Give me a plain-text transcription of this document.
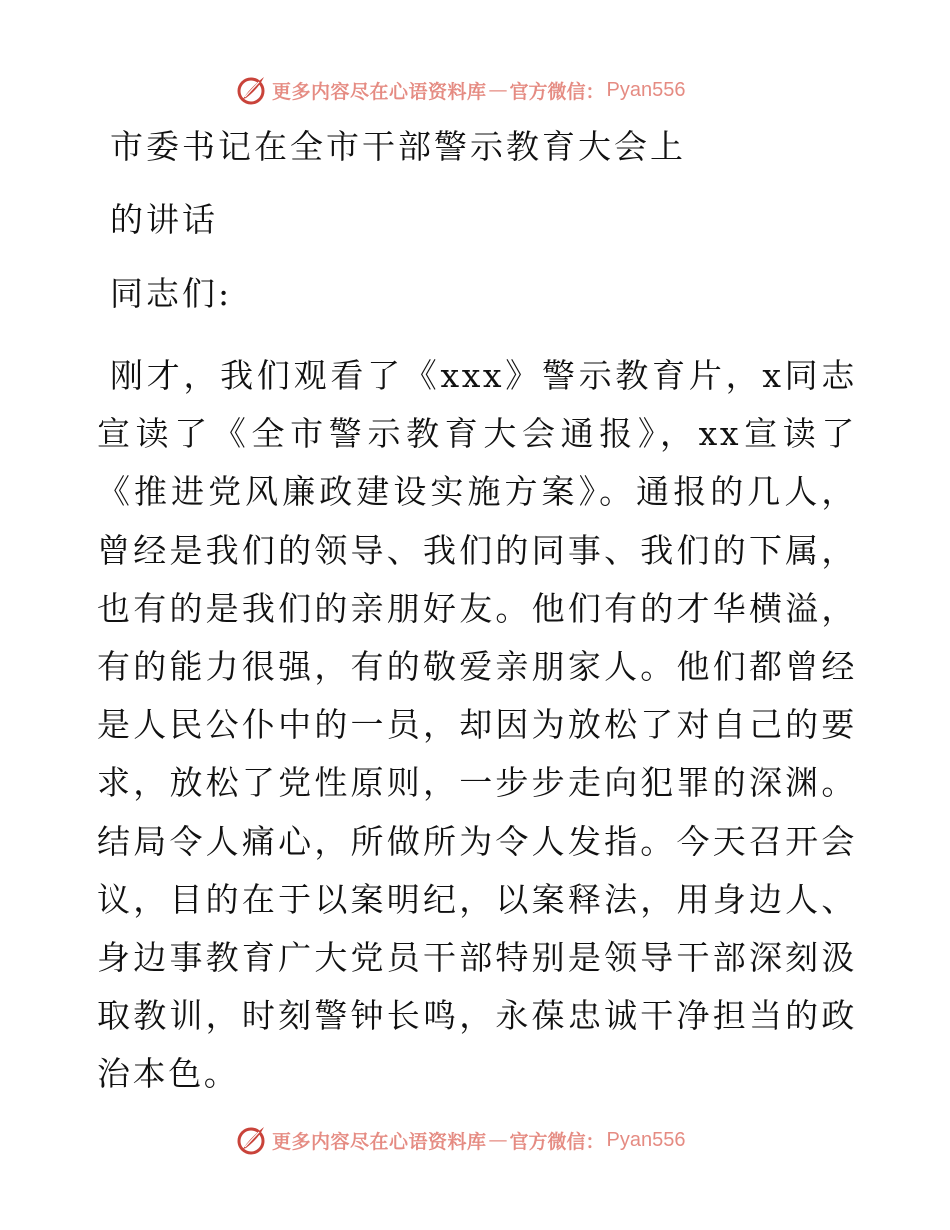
更多内容尽在心语资料库 — 官方微信： Pyan556
市委书记在全市干部警示教育大会上
的讲话
同志们:
刚才，我们观看了《xxx》警示教育片，x同志宣读了《全市警示教育大会通报》，xx宣读了《推进党风廉政建设实施方案》。通报的几人，曾经是我们的领导、我们的同事、我们的下属，也有的是我们的亲朋好友。他们有的才华横溢，有的能力很强，有的敬爱亲朋家人。他们都曾经是人民公仆中的一员，却因为放松了对自己的要求，放松了党性原则，一步步走向犯罪的深渊。结局令人痛心，所做所为令人发指。今天召开会议，目的在于以案明纪，以案释法，用身边人、身边事教育广大党员干部特别是领导干部深刻汲取教训，时刻警钟长鸣，永葆忠诚干净担当的政治本色。
更多内容尽在心语资料库 — 官方微信： Pyan556
